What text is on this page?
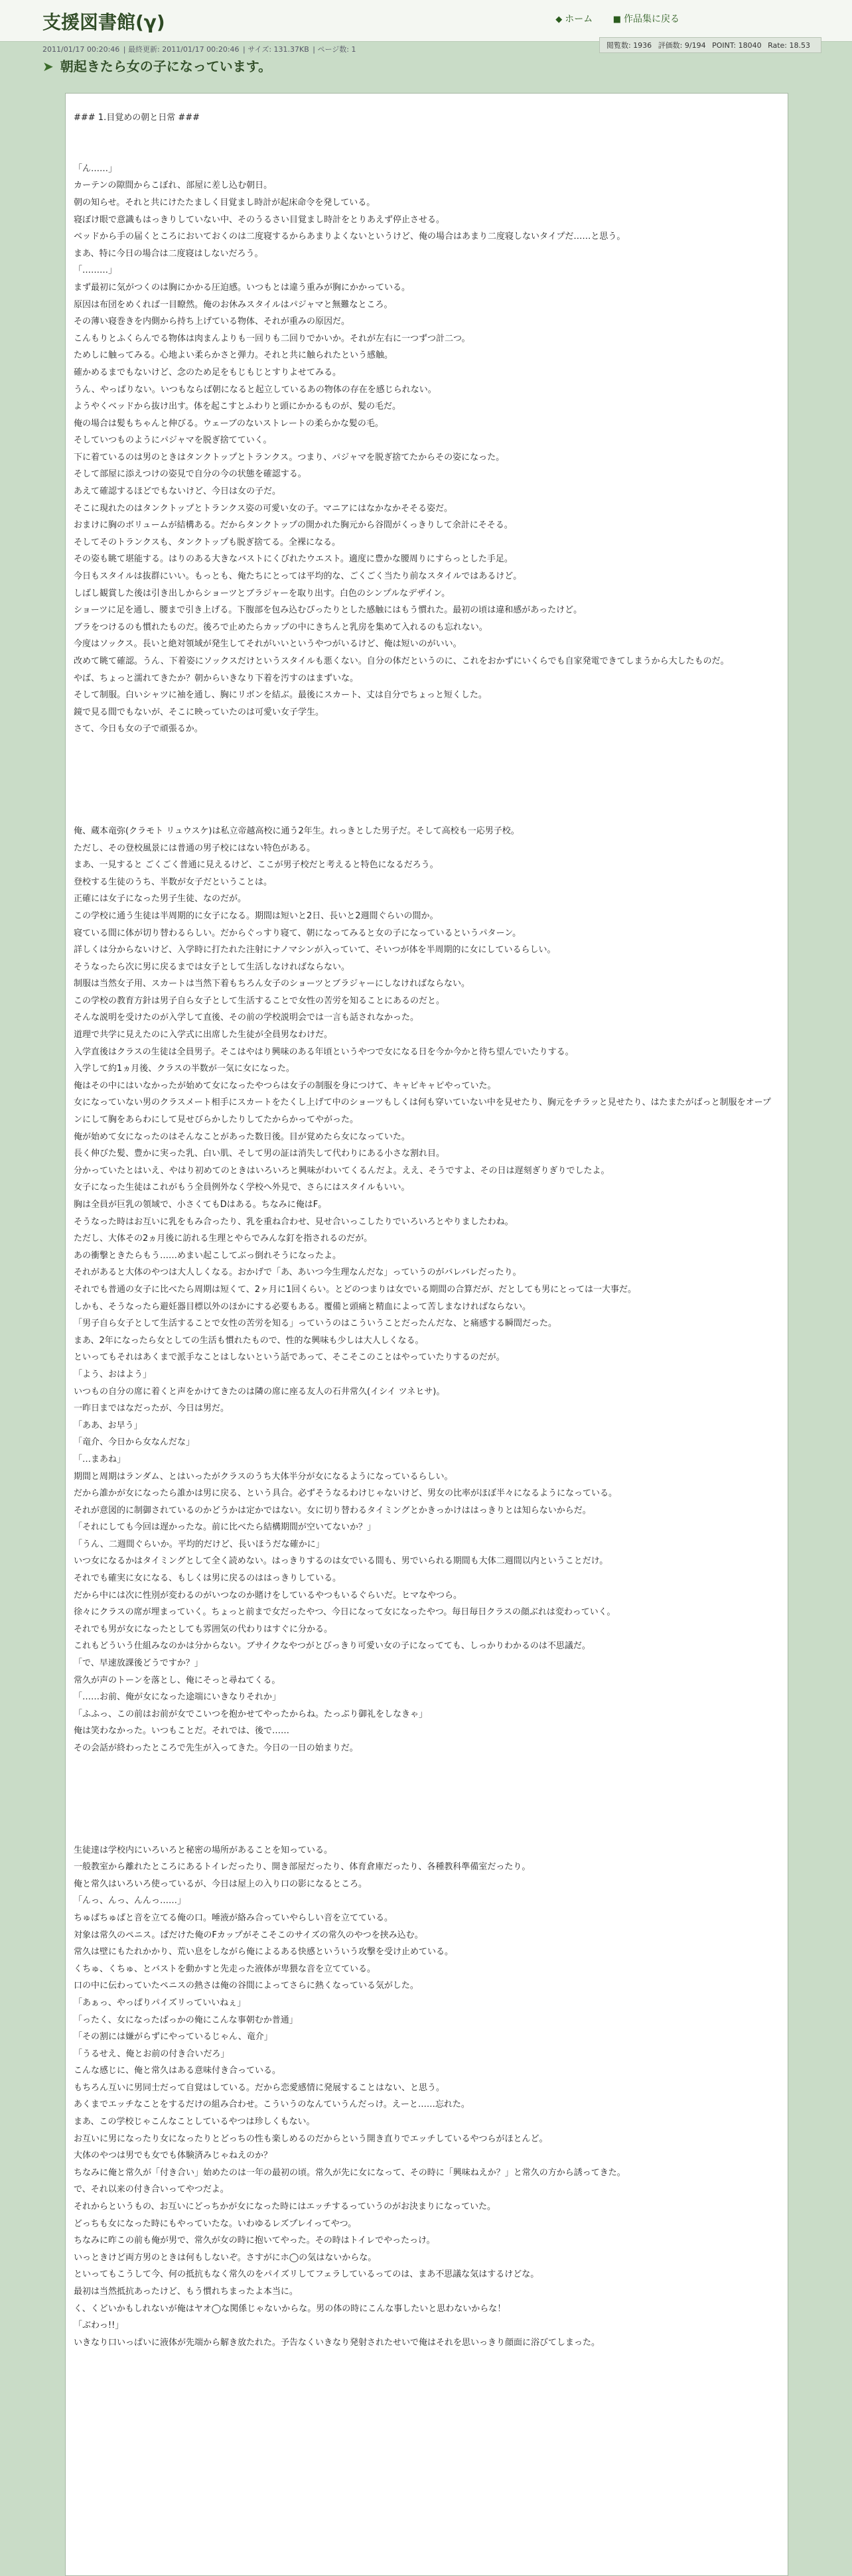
支援図書館(γ)	◆ ホーム ■ 作品集に戻る
閲覧数: 1936 評価数: 9/194 POINT: 18040 Rate: 18.53
2011/01/17 00:20:46 | 最終更新: 2011/01/17 00:20:46 | サイズ: 131.37KB | ページ数: 1
➤ 朝起きたら女の子になっています。
### 1.目覚めの朝と日常 ###
「ん……」
カーテンの隙間からこぼれ、部屋に差し込む朝日。
朝の知らせ。それと共にけたたましく目覚まし時計が起床命令を発している。
寝ぼけ眼で意識もはっきりしていない中、そのうるさい目覚まし時計をとりあえず停止させる。
ベッドから手の届くところにおいておくのは二度寝するからあまりよくないというけど、俺の場合はあまり二度寝しないタイプだ……と思う。
まあ、特に今日の場合は二度寝はしないだろう。
「………」
まず最初に気がつくのは胸にかかる圧迫感。いつもとは違う重みが胸にかかっている。
原因は布団をめくれば一目瞭然。俺のお休みスタイルはパジャマと無難なところ。
その薄い寝巻きを内側から持ち上げている物体、それが重みの原因だ。
こんもりとふくらんでる物体は肉まんよりも一回りも二回りでかいか。それが左右に一つずつ計二つ。
ためしに触ってみる。心地よい柔らかさと弾力。それと共に触られたという感触。
確かめるまでもないけど、念のため足をもじもじとすりよせてみる。
うん、やっぱりない。いつもならば朝になると起立しているあの物体の存在を感じられない。
ようやくベッドから抜け出す。体を起こすとふわりと頭にかかるものが、髪の毛だ。
俺の場合は髪もちゃんと伸びる。ウェーブのないストレートの柔らかな髪の毛。
そしていつものようにパジャマを脱ぎ捨てていく。
下に着ているのは男のときはタンクトップとトランクス。つまり、パジャマを脱ぎ捨てたからその姿になった。
そして部屋に添えつけの姿見で自分の今の状態を確認する。
あえて確認するほどでもないけど、今日は女の子だ。
そこに現れたのはタンクトップとトランクス姿の可愛い女の子。マニアにはなかなかそそる姿だ。
おまけに胸のボリュームが結構ある。だからタンクトップの開かれた胸元から谷間がくっきりして余計にそそる。
そしてそのトランクスも、タンクトップも脱ぎ捨てる。全裸になる。
その姿も眺て堪能する。はりのある大きなバストにくびれたウエスト。適度に豊かな腰周りにすらっとした手足。
今日もスタイルは抜群にいい。もっとも、俺たちにとっては平均的な、ごくごく当たり前なスタイルではあるけど。
しばし観賞した後は引き出しからショーツとブラジャーを取り出す。白色のシンプルなデザイン。
ショーツに足を通し、腰まで引き上げる。下腹部を包み込むぴったりとした感触にはもう慣れた。最初の頃は違和感があったけど。
ブラをつけるのも慣れたものだ。後ろで止めたらカップの中にきちんと乳房を集めて入れるのも忘れない。
今度はソックス。長いと絶対領域が発生してそれがいいというやつがいるけど、俺は短いのがいい。
改めて眺て確認。うん、下着姿にソックスだけというスタイルも悪くない。自分の体だというのに、これをおかずにいくらでも自家発電できてしまうから大したものだ。
やば、ちょっと濡れてきたか？朝からいきなり下着を汚すのはまずいな。
そして制服。白いシャツに袖を通し、胸にリボンを結ぶ。最後にスカート、丈は自分でちょっと短くした。
鏡で見る間でもないが、そこに映っていたのは可愛い女子学生。
さて、今日も女の子で頑張るか。
俺、蔵本竜弥(クラモト リュウスケ)は私立帝越高校に通う2年生。れっきとした男子だ。そして高校も一応男子校。
ただし、その登校風景には普通の男子校にはない特色がある。
まあ、一見すると ごくごく普通に見えるけど、ここが男子校だと考えると特色になるだろう。
登校する生徒のうち、半数が女子だということは。
正確には女子になった男子生徒、なのだが。
この学校に通う生徒は半周期的に女子になる。期間は短いと2日、長いと2週間ぐらいの間か。
寝ている間に体が切り替わるらしい。だからぐっすり寝て、朝になってみると女の子になっているというパターン。
詳しくは分からないけど、入学時に打たれた注射にナノマシンが入っていて、そいつが体を半周期的に女にしているらしい。
そうなったら次に男に戻るまでは女子として生活しなければならない。
制服は当然女子用、スカートは当然下着もちろん女子のショーツとブラジャーにしなければならない。
この学校の教育方針は男子自ら女子として生活することで女性の苦労を知ることにあるのだと。
そんな説明を受けたのが入学して直後、その前の学校説明会では一言も話されなかった。
道理で共学に見えたのに入学式に出席した生徒が全員男なわけだ。
入学直後はクラスの生徒は全員男子。そこはやはり興味のある年頃というやつで女になる日を今か今かと待ち望んでいたりする。
入学して約1ヵ月後、クラスの半数が一気に女になった。
俺はその中にはいなかったが始めて女になったやつらは女子の制服を身につけて、キャピキャピやっていた。
女になっていない男のクラスメート相手にスカートをたくし上げて中のショーツもしくは何も穿いていない中を見せたり、胸元をチラッと見せたり、はたまたがばっと制服をオープンにして胸をあらわにして見せびらかしたりしてたからかってやがった。
俺が始めて女になったのはそんなことがあった数日後。目が覚めたら女になっていた。
長く伸びた髪、豊かに実った乳、白い肌、そして男の証は消失して代わりにある小さな割れ目。
分かっていたとはいえ、やはり初めてのときはいろいろと興味がわいてくるんだよ。ええ、そうですよ、その日は遅刻ぎりぎりでしたよ。
女子になった生徒はこれがもう全員例外なく学校へ外見で、さらにはスタイルもいい。
胸は全員が巨乳の領域で、小さくてもDはある。ちなみに俺はF。
そうなった時はお互いに乳をもみ合ったり、乳を重ね合わせ、見せ合いっこしたりでいろいろとやりましたわね。
ただし、大体その2ヵ月後に訪れる生理とやらでみんな釘を指されるのだが。
あの衝撃ときたらもう……めまい起こしてぶっ倒れそうになったよ。
それがあると大体のやつは大人しくなる。おかげで「あ、あいつ今生理なんだな」っていうのがバレバレだったり。
それでも普通の女子に比べたら周期は短くて、2ヶ月に1回くらい。とどのつまりは女でいる期間の合算だが、だとしても男にとっては一大事だ。
しかも、そうなったら避妊器目標以外のほかにする必要もある。覆備と頭痛と精血によって苦しまなければならない。
「男子自ら女子として生活することで女性の苦労を知る」っていうのはこういうことだったんだな、と痛感する瞬間だった。
まあ、2年になったら女としての生活も慣れたもので、性的な興味も少しは大人しくなる。
といってもそれはあくまで派手なことはしないという話であって、そこそこのことはやっていたりするのだが。
「よう、おはよう」
いつもの自分の席に着くと声をかけてきたのは隣の席に座る友人の石井常久(イシイ ツネヒサ)。
一昨日まではなだったが、今日は男だ。
「ああ、お早う」
「竜介、今日から女なんだな」
「…まあね」
期間と周期はランダム、とはいったがクラスのうち大体半分が女になるようになっているらしい。
だから誰かが女になったら誰かは男に戻る、という具合。必ずそうなるわけじゃないけど、男女の比率がほぼ半々になるようになっている。
それが意図的に制御されているのかどうかは定かではない。女に切り替わるタイミングとかきっかけははっきりとは知らないからだ。
「それにしても今回は遅かったな。前に比べたら結構期間が空いてないか？」
「うん、二週間ぐらいか。平均的だけど、長いほうだな確かに」
いつ女になるかはタイミングとして全く読めない。はっきりするのは女でいる間も、男でいられる期間も大体二週間以内ということだけ。
それでも確実に女になる、もしくは男に戻るのははっきりしている。
だから中には次に性別が変わるのがいつなのか賭けをしているやつもいるぐらいだ。ヒマなやつら。
徐々にクラスの席が埋まっていく。ちょっと前まで女だったやつ、今日になって女になったやつ。毎日毎日クラスの顔ぶれは変わっていく。
それでも男が女になったとしても雰囲気の代わりはすぐに分かる。
これもどういう仕組みなのかは分からない。ブサイクなやつがとびっきり可愛い女の子になってても、しっかりわかるのは不思議だ。
「で、早速放課後どうですか？」
常久が声のトーンを落とし、俺にそっと尋ねてくる。
「……お前、俺が女になった途端にいきなりそれか」
「ふふっ、この前はお前が女でこいつを抱かせてやったからね。たっぷり御礼をしなきゃ」
俺は笑わなかった。いつもことだ。それでは、後で……
その会話が終わったところで先生が入ってきた。今日の一日の始まりだ。
生徒達は学校内にいろいろと秘密の場所があることを知っている。
一般教室から離れたところにあるトイレだったり、開き部屋だったり、体育倉庫だったり、各種教科準備室だったり。
俺と常久はいろいろ使っているが、今日は屋上の入り口の影になるところ。
「んっ、んっ、んんっ……」
ちゅぱちゅぱと音を立てる俺の口。唾液が絡み合っていやらしい音を立てている。
対象は常久のペニス。ぱだけた俺のFカップがそこそこのサイズの常久のやつを挟み込む。
常久は壁にもたれかかり、荒い息をしながら俺によるある快感といういう攻撃を受け止めている。
くちゅ、くちゅ、とバストを動かすと先走った液体が卑猥な音を立てている。
口の中に伝わっていたペニスの熱さは俺の谷間によってさらに熱くなっている気がした。
「あぁっ、やっぱりパイズリっていいねぇ」
「ったく、女になったばっかの俺にこんな事朝むか普通」
「その割には嫌がらずにやっているじゃん、竜介」
「うるせえ、俺とお前の付き合いだろ」
こんな感じに、俺と常久はある意味付き合っている。
もちろん互いに男同士だって自覚はしている。だから恋愛感情に発展することはない、と思う。
あくまでエッチなことをするだけの組み合わせ。こういうのなんていうんだっけ。えーと……忘れた。
まあ、この学校じゃこんなことしているやつは珍しくもない。
お互いに男になったり女になったりとどっちの性も楽しめるのだからという開き直りでエッチしているやつらがほとんど。
大体のやつは男でも女でも体験済みじゃねえのか？
ちなみに俺と常久が「付き合い」始めたのは一年の最初の頃。常久が先に女になって、その時に「興味ねえか？」と常久の方から誘ってきた。
で、それ以来の付き合いってやつだよ。
それからというもの、お互いにどっちかが女になった時にはエッチするっていうのがお決まりになっていた。
どっちも女になった時にもやっていたな。いわゆるレズプレイってやつ。
ちなみに昨この前も俺が男で、常久が女の時に抱いてやった。その時はトイレでやったっけ。
いっときけど両方男のときは何もしないぞ。さすがにホ◯の気はないからな。
といってもこうして今、何の抵抗もなく常久のをパイズリしてフェラしているってのは、まあ不思議な気はするけどな。
最初は当然抵抗あったけど、もう慣れちまったよ本当に。
く、くどいかもしれないが俺はヤオ◯な関係じゃないからな。男の体の時にこんな事したいと思わないからな！
「ぶわっ!!」
いきなり口いっぱいに液体が先端から解き放たれた。予告なくいきなり発射されたせいで俺はそれを思いっきり顔面に浴びてしまった。
